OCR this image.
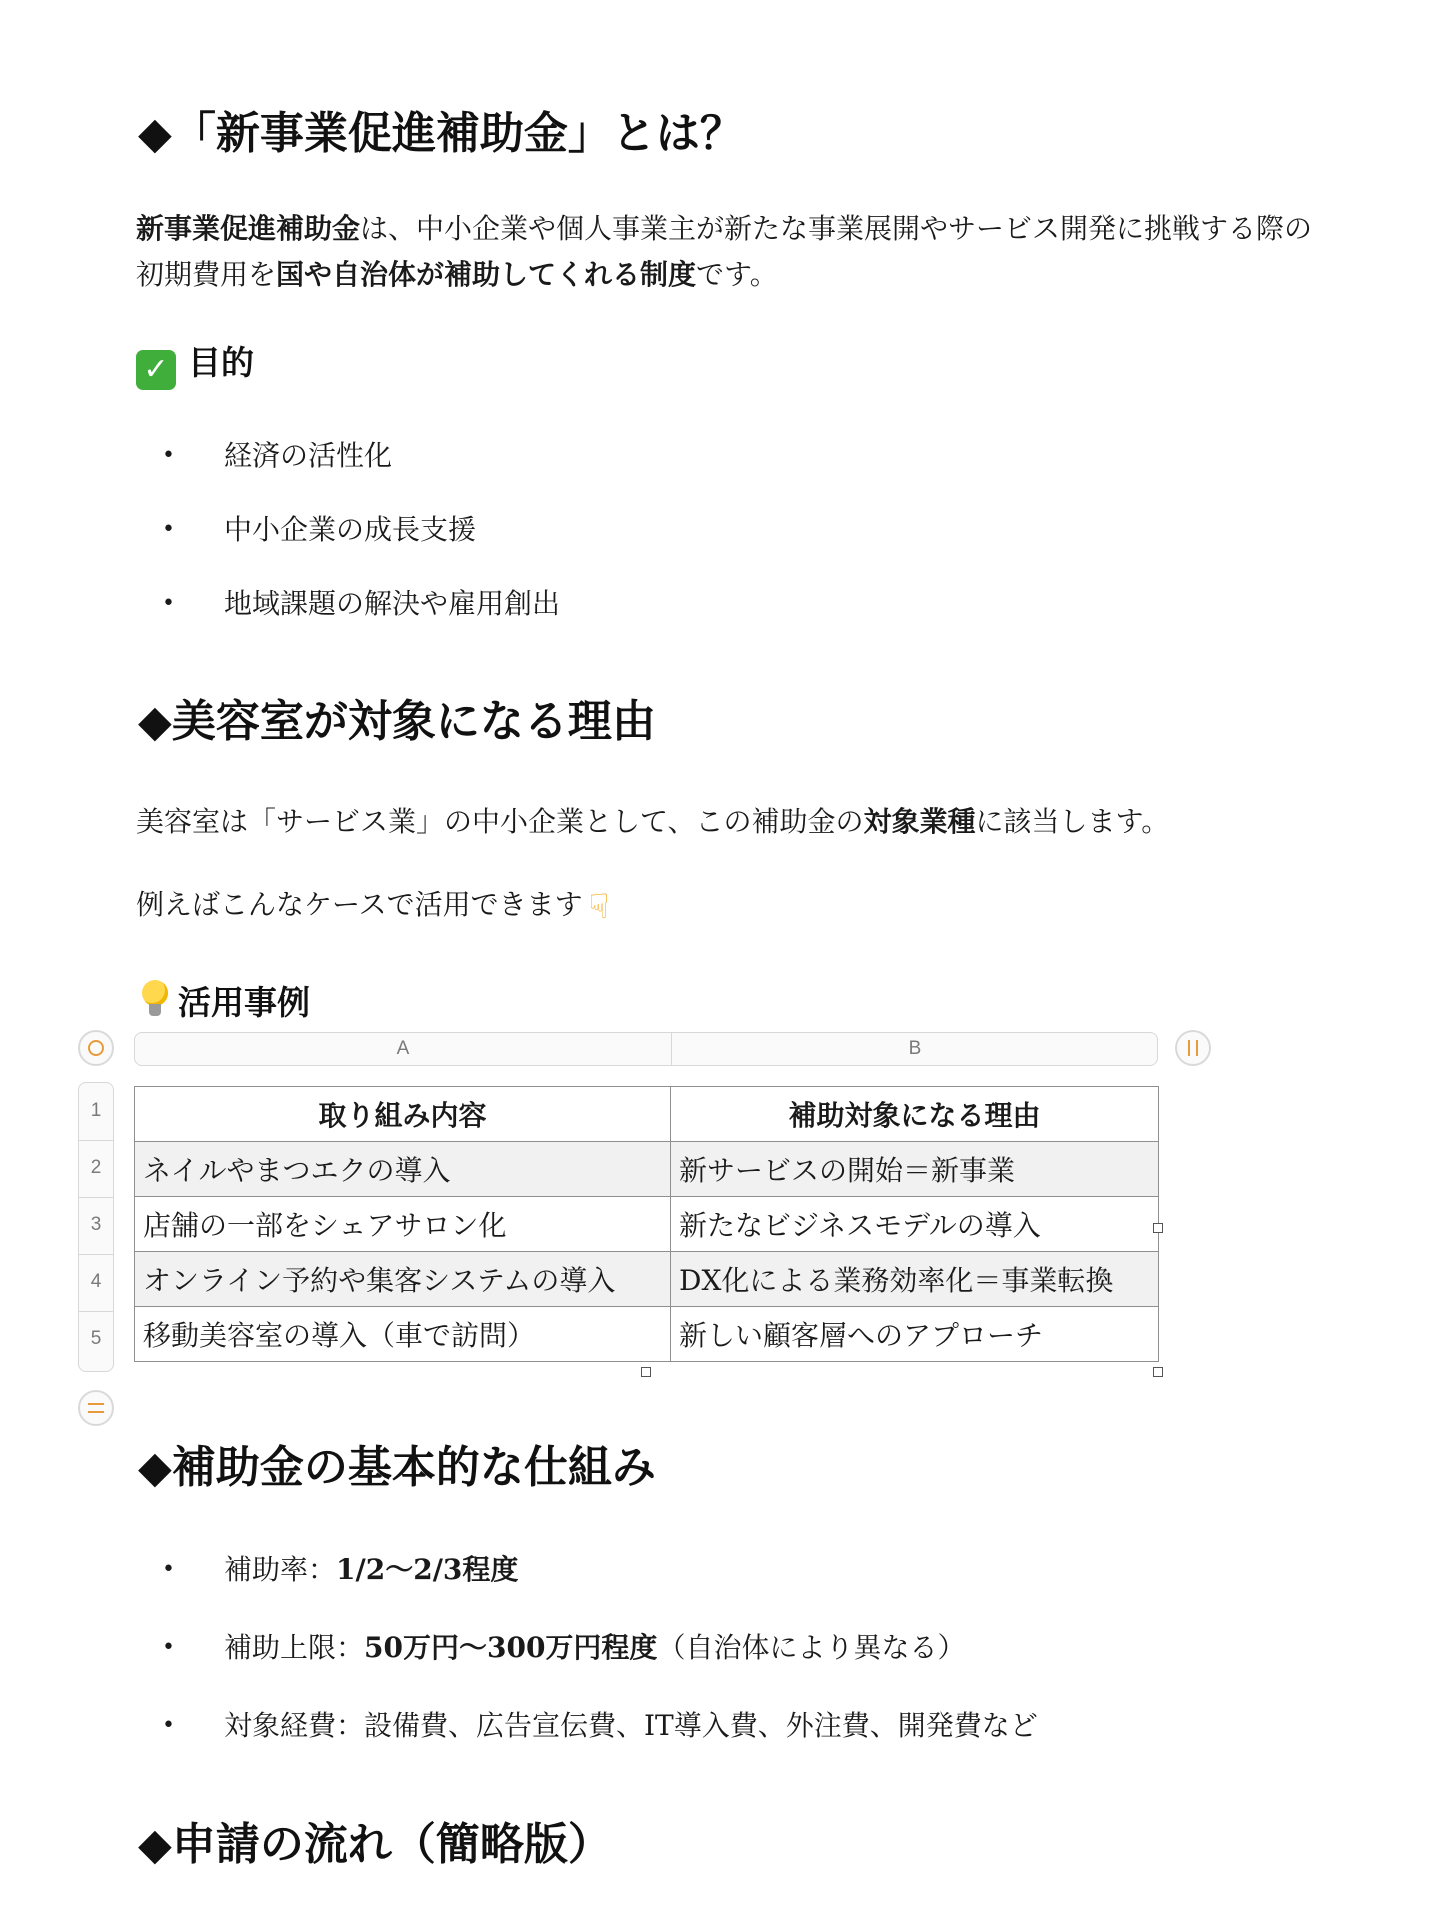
◆「新事業促進補助金」とは？

新事業促進補助金は、中小企業や個人事業主が新たな事業展開やサービス開発に挑戦する際の初期費用を国や自治体が補助してくれる制度です。

✓ 目的
• 経済の活性化
• 中小企業の成長支援
• 地域課題の解決や雇用創出
◆美容室が対象になる理由

美容室は「サービス業」の中小企業として、この補助金の対象業種に該当します。

例えばこんなケースで活用できます ☟

活用事例
A	B
1
2
3
4
5
取り組み内容	補助対象になる理由
ネイルやまつエクの導入	新サービスの開始＝新事業
店舗の一部をシェアサロン化	新たなビジネスモデルの導入
オンライン予約や集客システムの導入	DX化による業務効率化＝事業転換
移動美容室の導入（車で訪問）	新しい顧客層へのアプローチ
◆補助金の基本的な仕組み
• 補助率：1/2〜2/3程度
• 補助上限：50万円〜300万円程度（自治体により異なる）
• 対象経費：設備費、広告宣伝費、IT導入費、外注費、開発費など
◆申請の流れ（簡略版）
